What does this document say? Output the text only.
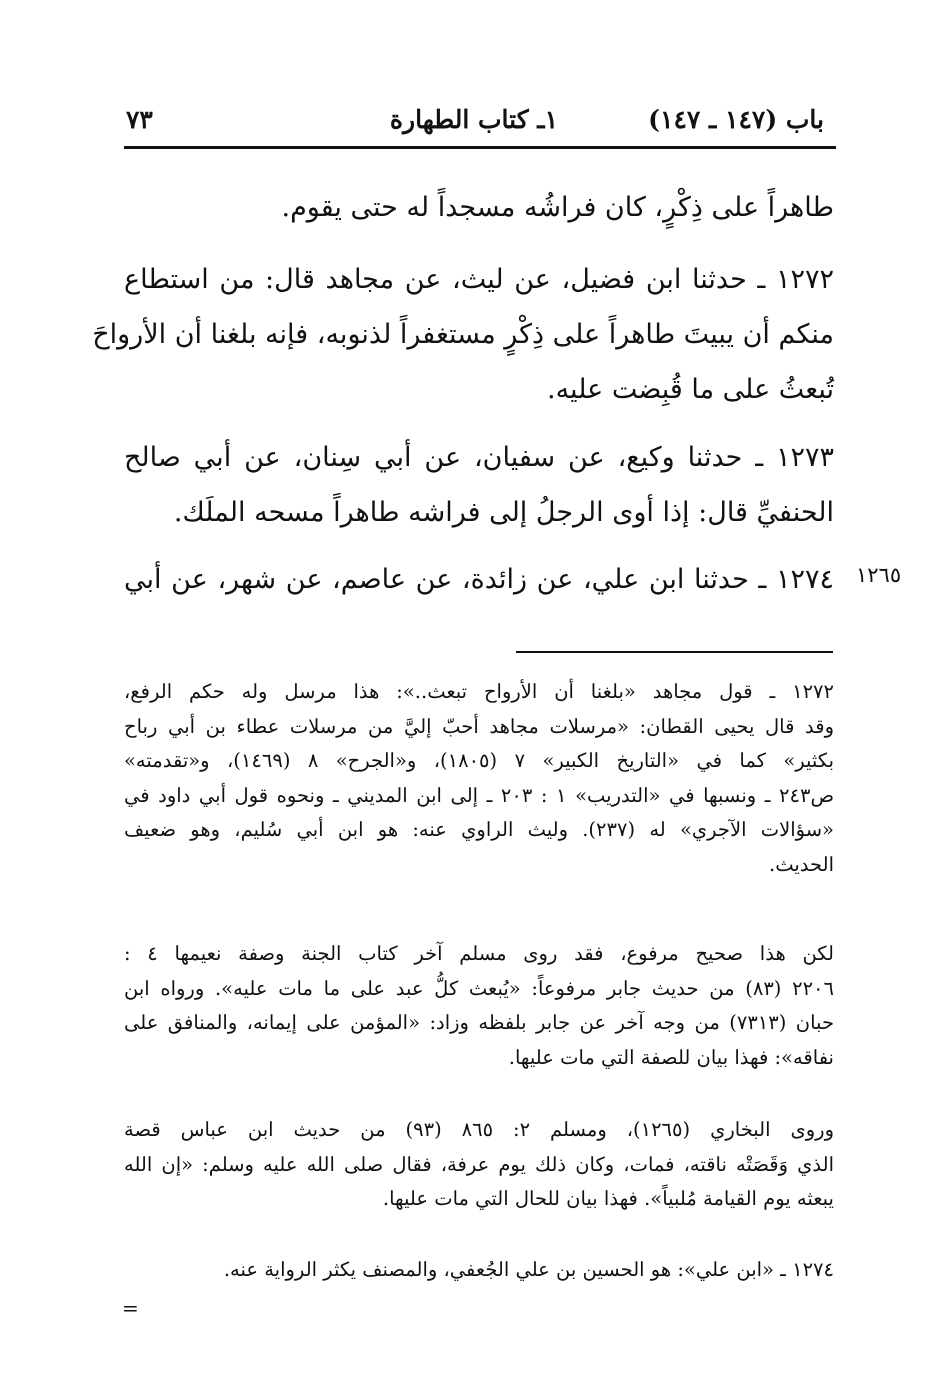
باب (١٤٧ ـ ١٤٧)
١ـ كتاب الطهارة
٧٣
طاهراً على ذِكْرٍ، كان فراشُه مسجداً له حتى يقوم.
١٢٧٢ ـ حدثنا ابن فضيل، عن ليث، عن مجاهد قال: من استطاع
منكم أن يبيتَ طاهراً على ذِكْرٍ مستغفراً لذنوبه، فإنه بلغنا أن الأرواحَ
تُبعثُ على ما قُبِضت عليه.
١٢٧٣ ـ حدثنا وكيع، عن سفيان، عن أبي سِنان، عن أبي صالح
الحنفيِّ قال: إذا أوى الرجلُ إلى فراشه طاهراً مسحه الملَك.
١٢٧٤ ـ حدثنا ابن علي، عن زائدة، عن عاصم، عن شهر، عن أبي ١٢٦٥
١٢٧٢ ـ قول مجاهد «بلغنا أن الأرواح تبعث..»: هذا مرسل وله حكم الرفع،
وقد قال يحيى القطان: «مرسلات مجاهد أحبّ إليَّ من مرسلات عطاء بن أبي رباح
بكثير» كما في «التاريخ الكبير» ٧ (١٨٠٥)، و«الجرح» ٨ (١٤٦٩)، و«تقدمته»
ص٢٤٣ ـ ونسبها في «التدريب» ١ : ٢٠٣ ـ إلى ابن المديني ـ ونحوه قول أبي داود في
«سؤالات الآجري» له (٢٣٧). وليث الراوي عنه: هو ابن أبي سُليم، وهو ضعيف
الحديث.
لكن هذا صحيح مرفوع، فقد روى مسلم آخر كتاب الجنة وصفة نعيمها ٤ :
٢٢٠٦ (٨٣) من حديث جابر مرفوعاً: «يُبعث كلُّ عبد على ما مات عليه». ورواه ابن
حبان (٧٣١٣) من وجه آخر عن جابر بلفظه وزاد: «المؤمن على إيمانه، والمنافق على
نفاقه»: فهذا بيان للصفة التي مات عليها.
وروى البخاري (١٢٦٥)، ومسلم ٢: ٨٦٥ (٩٣) من حديث ابن عباس قصة
الذي وَقَصَتْه ناقته، فمات، وكان ذلك يوم عرفة، فقال صلى الله عليه وسلم: «إن الله
يبعثه يوم القيامة مُلبياً». فهذا بيان للحال التي مات عليها.
١٢٧٤ ـ «ابن علي»: هو الحسين بن علي الجُعفي، والمصنف يكثر الرواية عنه.
=
